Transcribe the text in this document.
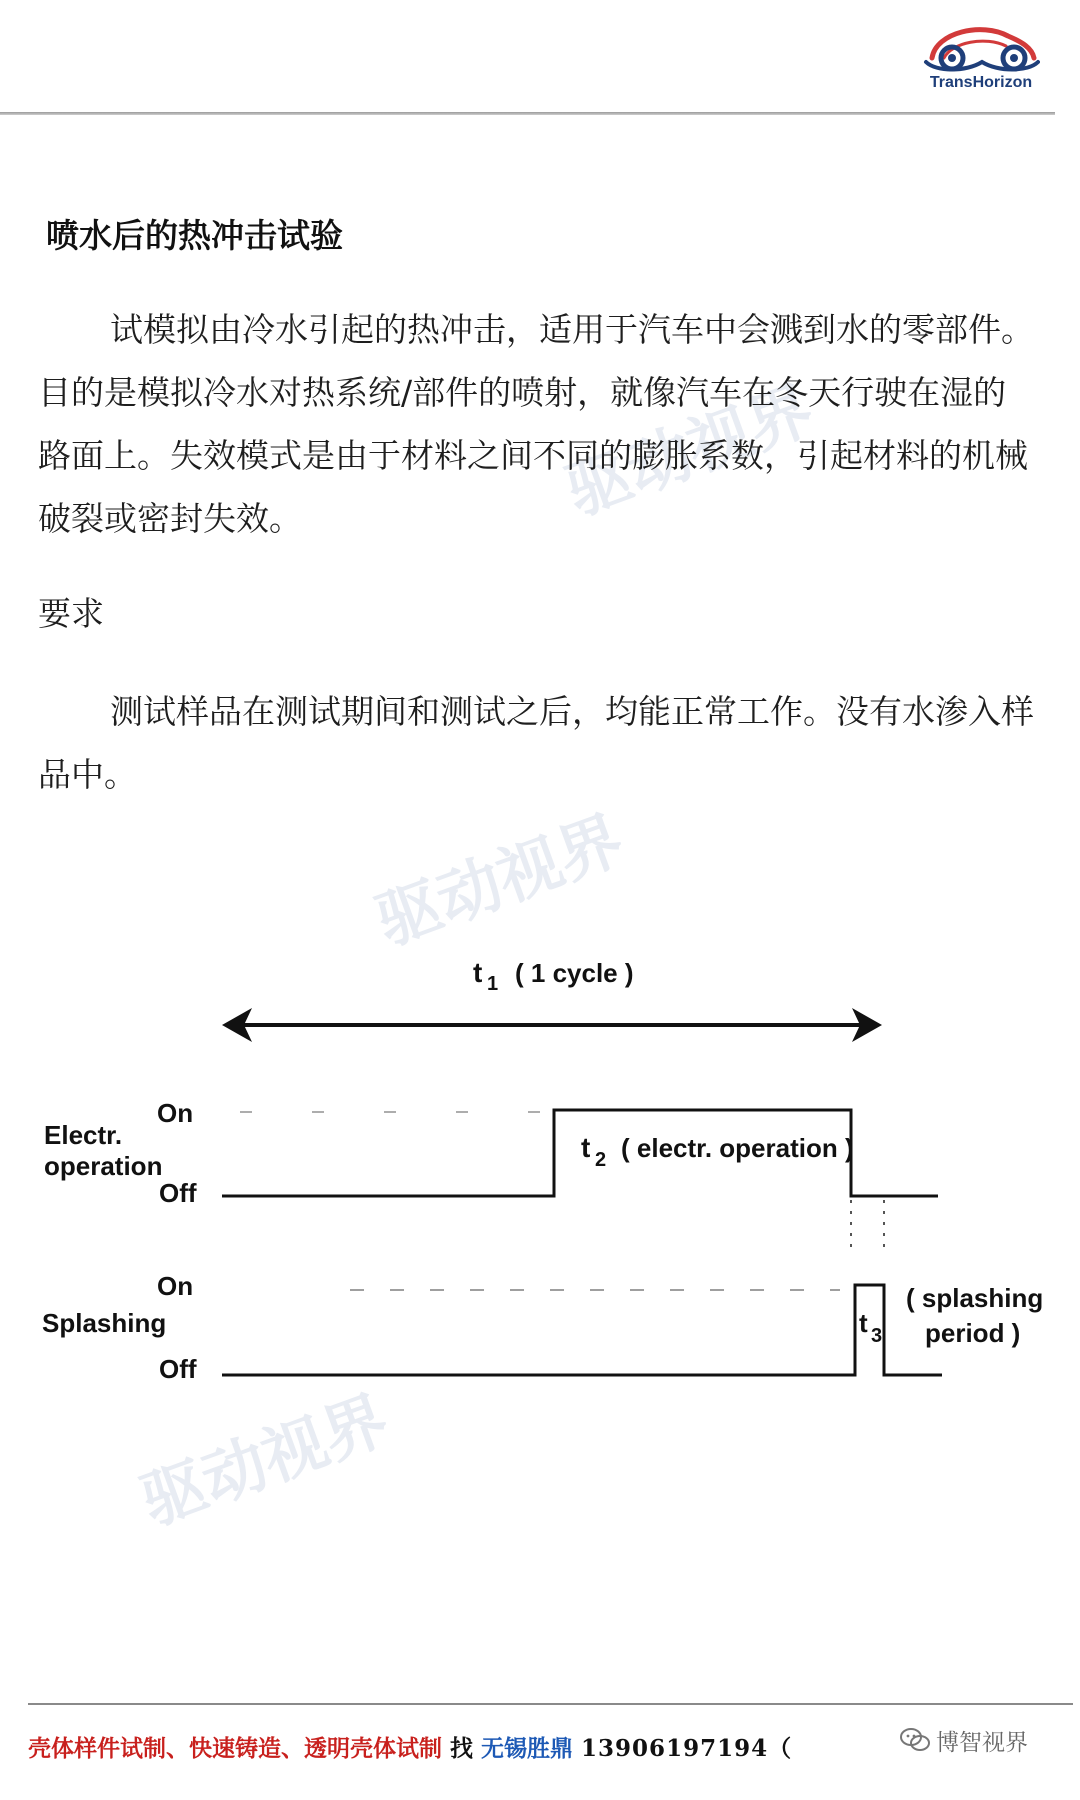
TransHorizon
驱动视界
驱动视界
驱动视界
喷水后的热冲击试验

试模拟由冷水引起的热冲击，适用于汽车中会溅到水的零部件。目的是模拟冷水对热系统/部件的喷射，就像汽车在冬天行驶在湿的路面上。失效模式是由于材料之间不同的膨胀系数，引起材料的机械破裂或密封失效。

要求

测试样品在测试期间和测试之后，均能正常工作。没有水渗入样品中。

t 1 ( 1 cycle )
Electr.
operation
On
Off
t 2 ( electr. operation )
On
Splashing
Off
t 3
( splashing
period )
壳体样件试制、快速铸造、透明壳体试制 找 无锡胜鼎 13906197194（	博智视界
